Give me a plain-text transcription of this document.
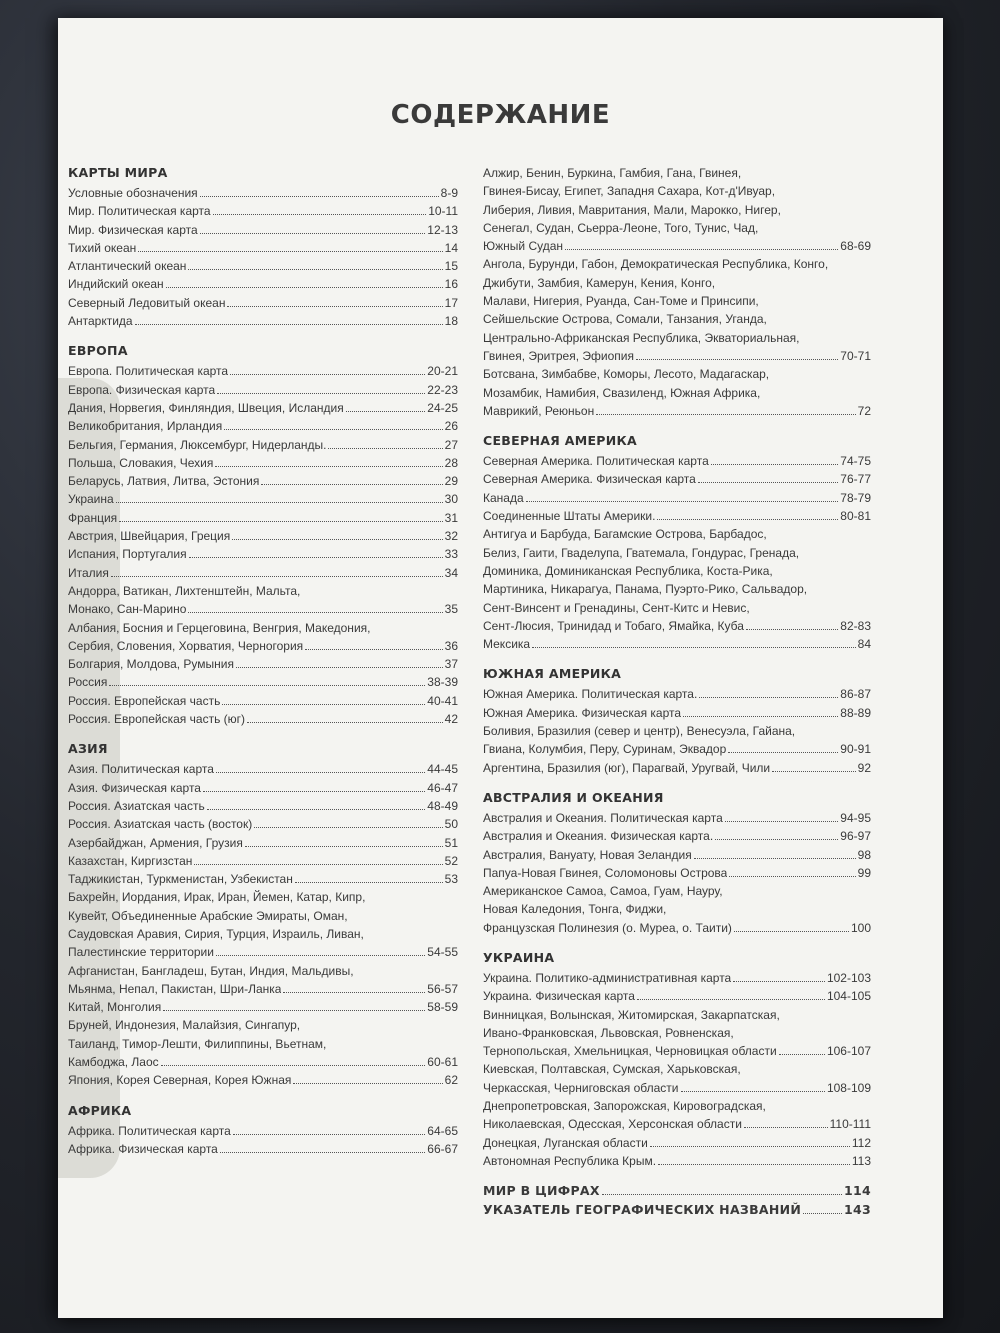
СОДЕРЖАНИЕ
КАРТЫ МИРА
Условные обозначения	8-9
Мир. Политическая карта	10-11
Мир. Физическая карта	12-13
Тихий океан	14
Атлантический океан	15
Индийский океан	16
Северный Ледовитый океан	17
Антарктида	18
ЕВРОПА
Европа. Политическая карта	20-21
Европа. Физическая карта	22-23
Дания, Норвегия, Финляндия, Швеция, Исландия	24-25
Великобритания, Ирландия	26
Бельгия, Германия, Люксембург, Нидерланды.	27
Польша, Словакия, Чехия	28
Беларусь, Латвия, Литва, Эстония	29
Украина	30
Франция	31
Австрия, Швейцария, Греция	32
Испания, Португалия	33
Италия	34
Андорра, Ватикан, Лихтенштейн, Мальта,
Монако, Сан-Марино	35
Албания, Босния и Герцеговина, Венгрия, Македония,
Сербия, Словения, Хорватия, Черногория	36
Болгария, Молдова, Румыния	37
Россия	38-39
Россия. Европейская часть	40-41
Россия. Европейская часть (юг)	42
АЗИЯ
Азия. Политическая карта	44-45
Азия. Физическая карта	46-47
Россия. Азиатская часть	48-49
Россия. Азиатская часть (восток)	50
Азербайджан, Армения, Грузия	51
Казахстан, Киргизстан	52
Таджикистан, Туркменистан, Узбекистан	53
Бахрейн, Иордания, Ирак, Иран, Йемен, Катар, Кипр,
Кувейт, Объединенные Арабские Эмираты, Оман,
Саудовская Аравия, Сирия, Турция, Израиль, Ливан,
Палестинские территории	54-55
Афганистан, Бангладеш, Бутан, Индия, Мальдивы,
Мьянма, Непал, Пакистан, Шри-Ланка	56-57
Китай, Монголия	58-59
Бруней, Индонезия, Малайзия, Сингапур,
Таиланд, Тимор-Лешти, Филиппины, Вьетнам,
Камбоджа, Лаос	60-61
Япония, Корея Северная, Корея Южная	62
АФРИКА
Африка. Политическая карта	64-65
Африка. Физическая карта	66-67
Алжир, Бенин, Буркина, Гамбия, Гана, Гвинея,
Гвинея-Бисау, Египет, Западня Сахара, Кот-д'Ивуар,
Либерия, Ливия, Мавритания, Мали, Марокко, Нигер,
Сенегал, Судан, Сьерра-Леоне, Того, Тунис, Чад,
Южный Судан	68-69
Ангола, Бурунди, Габон, Демократическая Республика, Конго,
Джибути, Замбия, Камерун, Кения, Конго,
Малави, Нигерия, Руанда, Сан-Томе и Принсипи,
Сейшельские Острова, Сомали, Танзания, Уганда,
Центрально-Африканская Республика, Экваториальная,
Гвинея, Эритрея, Эфиопия	70-71
Ботсвана, Зимбабве, Коморы, Лесото, Мадагаскар,
Мозамбик, Намибия, Свазиленд, Южная Африка,
Маврикий, Реюньон	72
СЕВЕРНАЯ АМЕРИКА
Северная Америка. Политическая карта	74-75
Северная Америка. Физическая карта	76-77
Канада	78-79
Соединенные Штаты Америки.	80-81
Антигуа и Барбуда, Багамские Острова, Барбадос,
Белиз, Гаити, Гваделупа, Гватемала, Гондурас, Гренада,
Доминика, Доминиканская Республика, Коста-Рика,
Мартиника, Никарагуа, Панама, Пуэрто-Рико, Сальвадор,
Сент-Винсент и Гренадины, Сент-Китс и Невис,
Сент-Люсия, Тринидад и Тобаго, Ямайка, Куба	82-83
Мексика	84
ЮЖНАЯ АМЕРИКА
Южная Америка. Политическая карта.	86-87
Южная Америка. Физическая карта	88-89
Боливия, Бразилия (север и центр), Венесуэла, Гайана,
Гвиана, Колумбия, Перу, Суринам, Эквадор	90-91
Аргентина, Бразилия (юг), Парагвай, Уругвай, Чили	92
АВСТРАЛИЯ И ОКЕАНИЯ
Австралия и Океания. Политическая карта	94-95
Австралия и Океания. Физическая карта.	96-97
Австралия, Вануату, Новая Зеландия	98
Папуа-Новая Гвинея, Соломоновы Острова	99
Американское Самоа, Самоа, Гуам, Науру,
Новая Каледония, Тонга, Фиджи,
Французская Полинезия (о. Муреа, о. Таити)	100
УКРАИНА
Украина. Политико-административная карта	102-103
Украина. Физическая карта	104-105
Винницкая, Волынская, Житомирская, Закарпатская,
Ивано-Франковская, Львовская, Ровненская,
Тернопольская, Хмельницкая, Черновицкая области	106-107
Киевская, Полтавская, Сумская, Харьковская,
Черкасская, Черниговская области	108-109
Днепропетровская, Запорожская, Кировоградская,
Николаевская, Одесская, Херсонская области	110-111
Донецкая, Луганская области	112
Автономная Республика Крым.	113
МИР В ЦИФРАХ	114
УКАЗАТЕЛЬ ГЕОГРАФИЧЕСКИХ НАЗВАНИЙ	143
